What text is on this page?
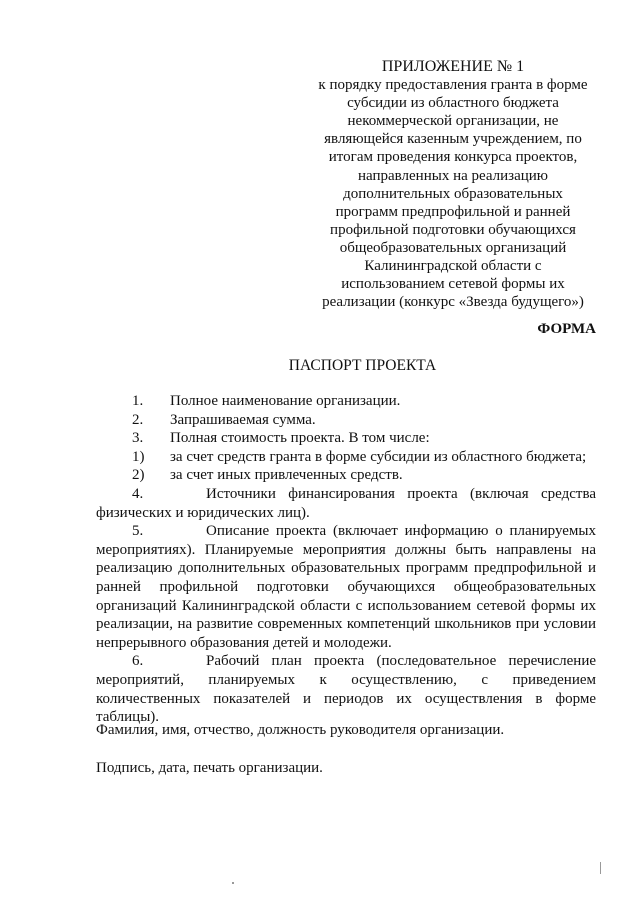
ПРИЛОЖЕНИЕ № 1
к порядку предоставления гранта в форме
субсидии из областного бюджета
некоммерческой организации, не
являющейся казенным учреждением, по
итогам проведения конкурса проектов,
направленных на реализацию
дополнительных образовательных
программ предпрофильной и ранней
профильной подготовки обучающихся
общеобразовательных организаций
Калининградской области с
использованием сетевой формы их
реализации (конкурс «Звезда будущего»)
ФОРМА
ПАСПОРТ ПРОЕКТА
1.	Полное наименование организации.
2.	Запрашиваемая сумма.
3.	Полная стоимость проекта. В том числе:
1)	за счет средств гранта в форме субсидии из областного бюджета;
2)	за счет иных привлеченных средств.
4.	Источники финансирования проекта (включая средства физических и юридических лиц).
5.	Описание проекта (включает информацию о планируемых мероприятиях). Планируемые мероприятия должны быть направлены на реализацию дополнительных образовательных программ предпрофильной и ранней профильной подготовки обучающихся общеобразовательных организаций Калининградской области с использованием сетевой формы их реализации, на развитие современных компетенций школьников при условии непрерывного образования детей и молодежи.
6.	Рабочий план проекта (последовательное перечисление мероприятий, планируемых к осуществлению, с приведением количественных показателей и периодов их осуществления в форме таблицы).
Фамилия, имя, отчество, должность руководителя организации.
Подпись, дата, печать организации.
